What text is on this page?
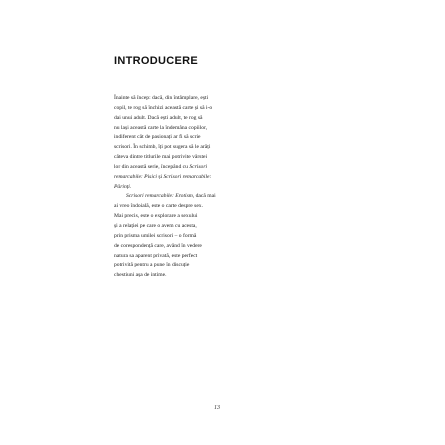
INTRODUCERE
Înainte să încep: dacă, din întâmplare, ești
copil, te rog să închizi această carte și să i-o
dai unui adult. Dacă ești adult, te rog să
nu lași această carte la îndemâna copiilor,
indiferent cât de pasionați ar fi să scrie
scrisori. În schimb, îți pot sugera să le arăți
câteva dintre titlurile mai potrivite vârstei
lor din această serie, începând cu Scrisori
remarcabile: Pisici și Scrisori remarcabile:
Părinți.
Scrisori remarcabile: Erotism, dacă mai
ai vreo îndoială, este o carte despre sex.
Mai precis, este o explorare a sexului
și a relației pe care o avem cu acesta,
prin prisma umilei scrisori – o formă
de corespondență care, având în vedere
natura sa aparent privată, este perfect
potrivită pentru a pune în discuție
chestiuni așa de intime.
13
